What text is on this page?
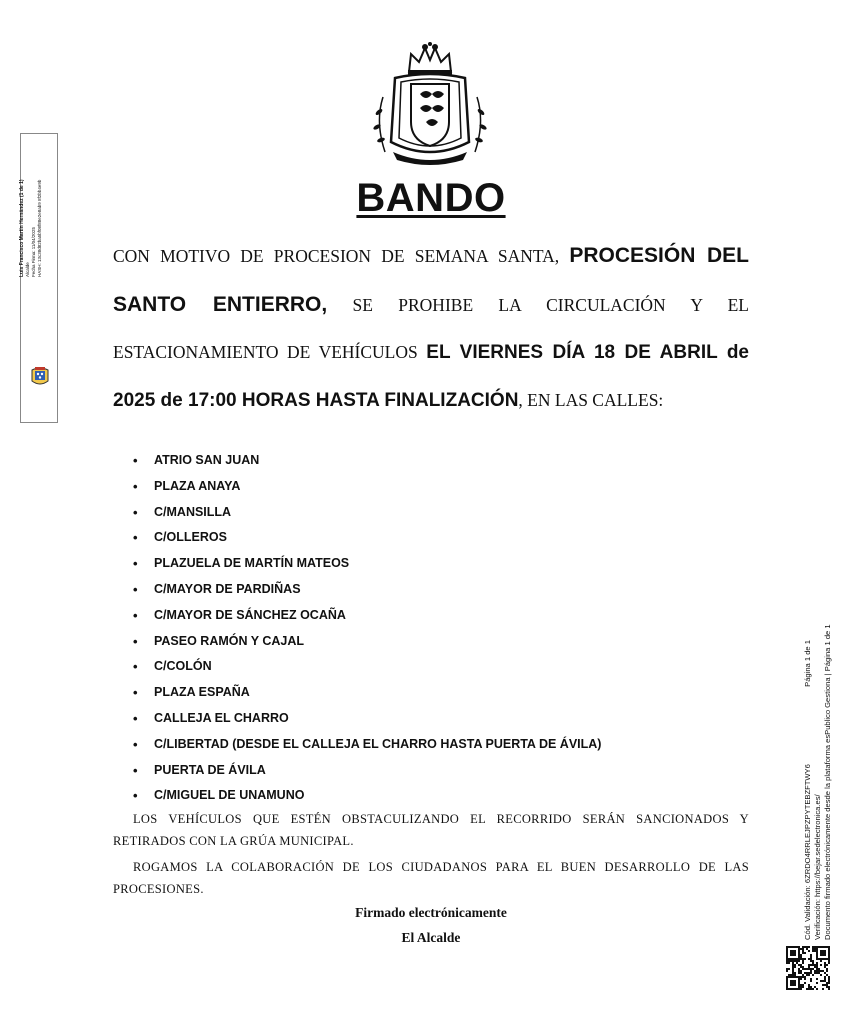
BANDO
CON MOTIVO DE PROCESION DE SEMANA SANTA, PROCESIÓN DEL SANTO ENTIERRO, SE PROHIBE LA CIRCULACIÓN Y EL ESTACIONAMIENTO DE VEHÍCULOS EL VIERNES DÍA 18 DE ABRIL de 2025 de 17:00 HORAS HASTA FINALIZACIÓN, EN LAS CALLES:
• ATRIO SAN JUAN
• PLAZA ANAYA
• C/MANSILLA
• C/OLLEROS
• PLAZUELA DE MARTÍN MATEOS
• C/MAYOR DE PARDIÑAS
• C/MAYOR DE SÁNCHEZ OCAÑA
• PASEO RAMÓN Y CAJAL
• C/COLÓN
• PLAZA ESPAÑA
• CALLEJA EL CHARRO
• C/LIBERTAD (DESDE EL CALLEJA EL CHARRO HASTA PUERTA DE ÁVILA)
• PUERTA DE ÁVILA
• C/MIGUEL DE UNAMUNO
LOS VEHÍCULOS QUE ESTÉN OBSTACULIZANDO EL RECORRIDO SERÁN SANCIONADOS Y RETIRADOS CON LA GRÚA MUNICIPAL.
ROGAMOS LA COLABORACIÓN DE LOS CIUDADANOS PARA EL BUEN DESARROLLO DE LAS PROCESIONES.
Firmado electrónicamente
El Alcalde
Luis Francisco Martín Hernández (1 de 1) Alcalde Fecha Firma: 11/04/2025 HASH: 13c38d82ba5bf08f88e2e8ab9 8f2bb4e9b
Cód. Validación: 6ZRDO4RRLEJPZPYTEBZFTWY6
Página 1 de 1
Verificación: https://bejar.sedelectronica.es/ Documento firmado electrónicamente desde la plataforma esPublico Gestiona | Página 1 de 1
